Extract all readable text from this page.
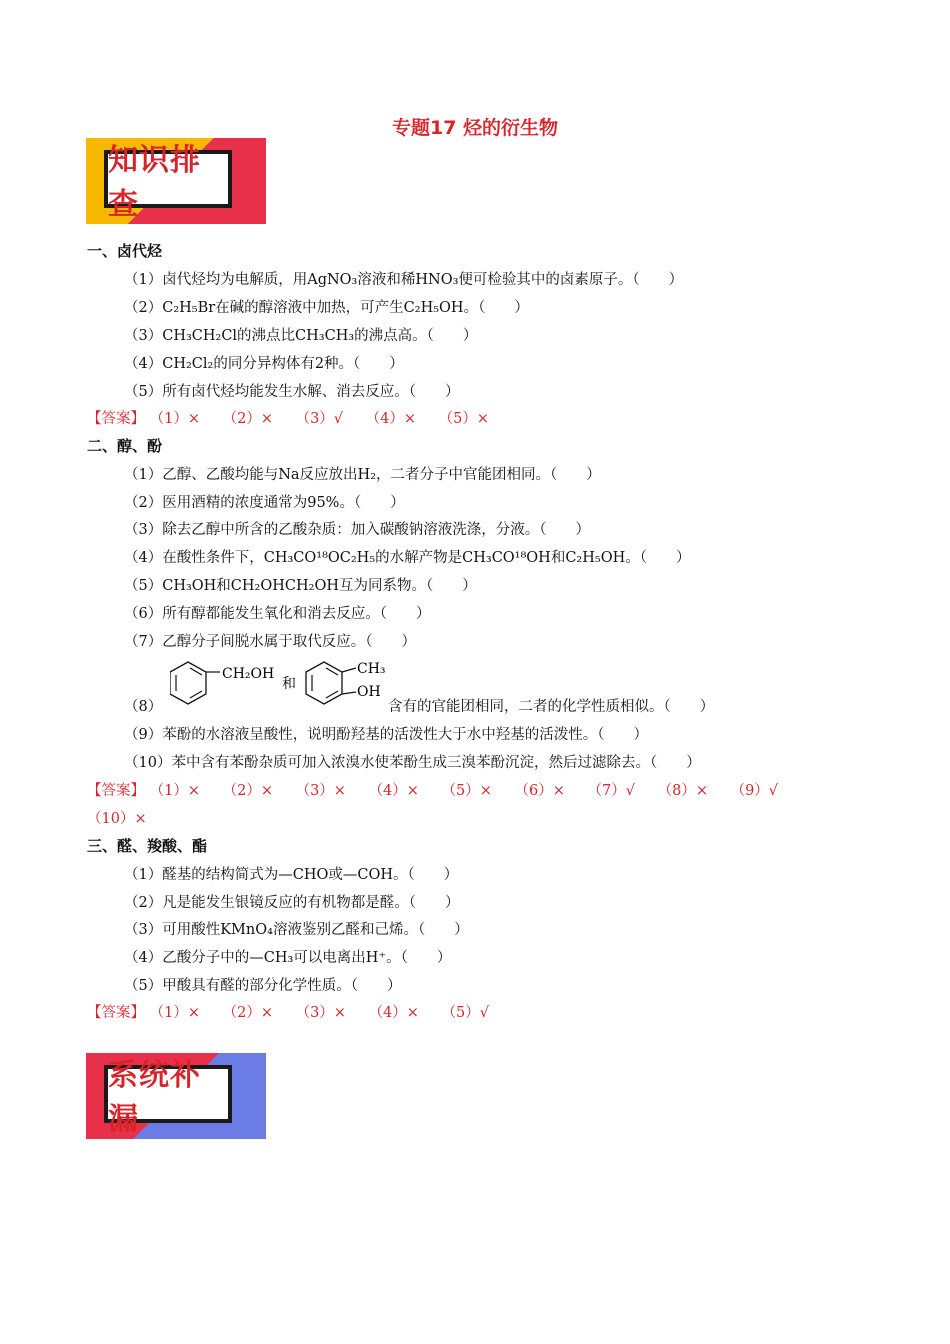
专题17 烃的衍生物
知识排查
一、卤代烃
（1）卤代烃均为电解质，用AgNO₃溶液和稀HNO₃便可检验其中的卤素原子。（　　）
（2）C₂H₅Br在碱的醇溶液中加热，可产生C₂H₅OH。（　　）
（3）CH₃CH₂Cl的沸点比CH₃CH₃的沸点高。（　　）
（4）CH₂Cl₂的同分异构体有2种。（　　）
（5）所有卤代烃均能发生水解、消去反应。（　　）
【答案】 （1）× （2）× （3）√ （4）× （5）×
二、醇、酚
（1）乙醇、乙酸均能与Na反应放出H₂，二者分子中官能团相同。（　　）
（2）医用酒精的浓度通常为95%。（　　）
（3）除去乙醇中所含的乙酸杂质：加入碳酸钠溶液洗涤，分液。（　　）
（4）在酸性条件下，CH₃CO¹⁸OC₂H₅的水解产物是CH₃CO¹⁸OH和C₂H₅OH。（　　）
（5）CH₃OH和CH₂OHCH₂OH互为同系物。（　　）
（6）所有醇都能发生氧化和消去反应。（　　）
（7）乙醇分子间脱水属于取代反应。（　　）
（8）
CH₂OH
和
CH₃
OH
含有的官能团相同，二者的化学性质相似。（　　）
（9）苯酚的水溶液呈酸性，说明酚羟基的活泼性大于水中羟基的活泼性。（　　）
（10）苯中含有苯酚杂质可加入浓溴水使苯酚生成三溴苯酚沉淀，然后过滤除去。（　　）
【答案】 （1）× （2）× （3）× （4）× （5）× （6）× （7）√ （8）× （9）√
（10）×
三、醛、羧酸、酯
（1）醛基的结构简式为—CHO或—COH。（　　）
（2）凡是能发生银镜反应的有机物都是醛。（　　）
（3）可用酸性KMnO₄溶液鉴别乙醛和己烯。（　　）
（4）乙酸分子中的—CH₃可以电离出H⁺。（　　）
（5）甲酸具有醛的部分化学性质。（　　）
【答案】 （1）× （2）× （3）× （4）× （5）√
系统补漏
